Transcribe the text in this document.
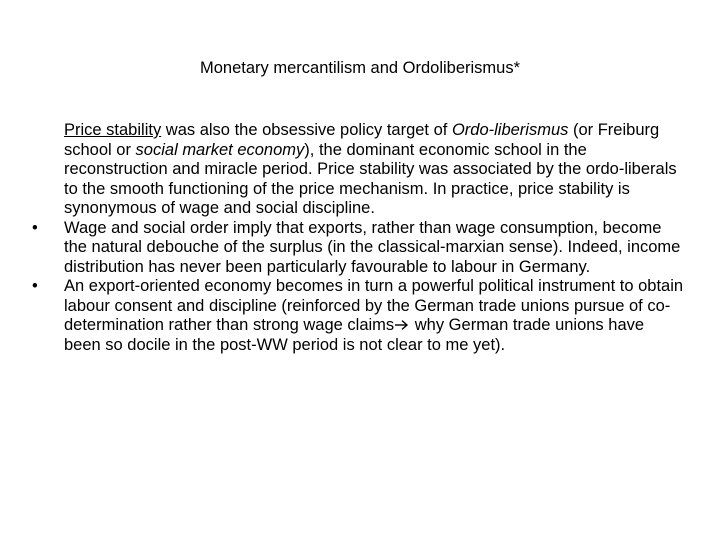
Monetary mercantilism and Ordoliberismus*
Price stability was also the obsessive policy target of Ordo-liberismus (or Freiburg school or social market economy), the dominant economic school in the reconstruction and miracle period. Price stability was associated by the ordo-liberals to the smooth functioning of the price mechanism. In practice, price stability is synonymous of wage and social discipline.
• Wage and social order imply that exports, rather than wage consumption, become the natural debouche of the surplus (in the classical-marxian sense). Indeed, income distribution has never been particularly favourable to labour in Germany.
• An export-oriented economy becomes in turn a powerful political instrument to obtain labour consent and discipline (reinforced by the German trade unions pursue of co-determination rather than strong wage claims why German trade unions have been so docile in the post-WW period is not clear to me yet).
